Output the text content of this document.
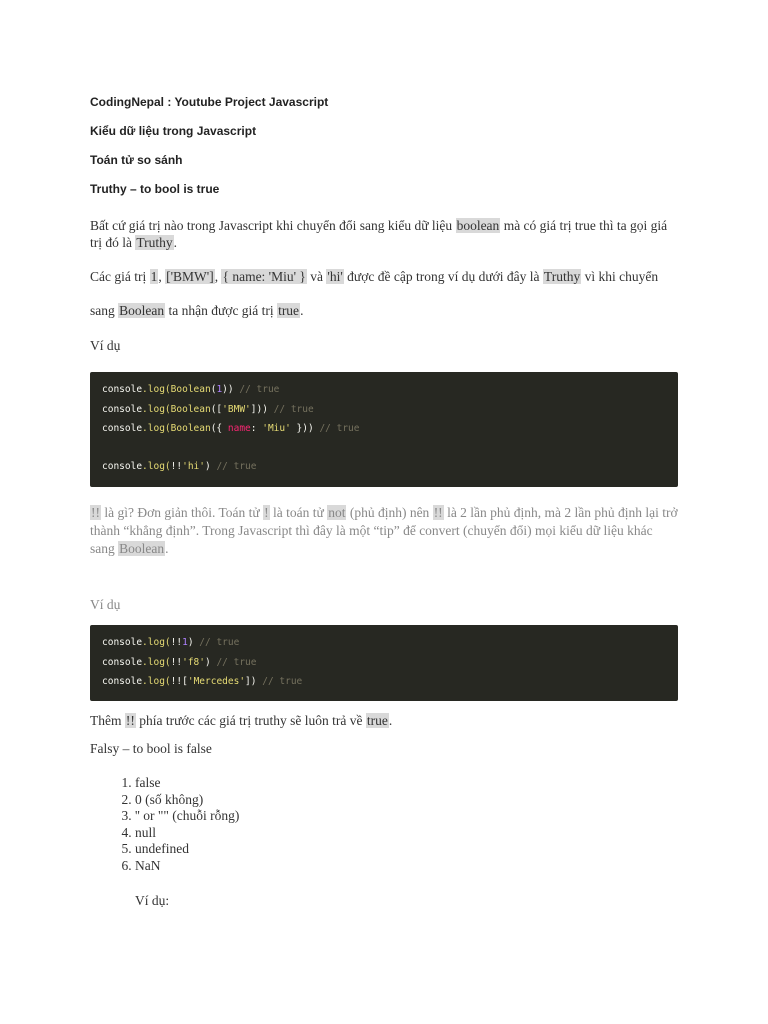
CodingNepal : Youtube Project Javascript
Kiểu dữ liệu trong Javascript
Toán tử so sánh
Truthy – to bool is true
Bất cứ giá trị nào trong Javascript khi chuyển đổi sang kiểu dữ liệu boolean mà có giá trị true thì ta gọi giá trị đó là Truthy.
Các giá trị 1, ['BMW'], { name: 'Miu' } và 'hi' được đề cập trong ví dụ dưới đây là Truthy vì khi chuyển
sang Boolean ta nhận được giá trị true.
Ví dụ
console.log(Boolean(1)) // true
console.log(Boolean(['BMW'])) // true
console.log(Boolean({ name: 'Miu' })) // true
console.log(!!'hi') // true
!! là gì? Đơn giản thôi. Toán tử ! là toán tử not (phủ định) nên !! là 2 lần phủ định, mà 2 lần phủ định lại trở thành “khẳng định”. Trong Javascript thì đây là một “tip” để convert (chuyển đổi) mọi kiểu dữ liệu khác sang Boolean.
Ví dụ
console.log(!!1) // true
console.log(!!'f8') // true
console.log(!!['Mercedes']) // true
Thêm !! phía trước các giá trị truthy sẽ luôn trả về true.
Falsy – to bool is false
1. false
2. 0 (số không)
3. '' or "" (chuỗi rỗng)
4. null
5. undefined
6. NaN
Ví dụ:
